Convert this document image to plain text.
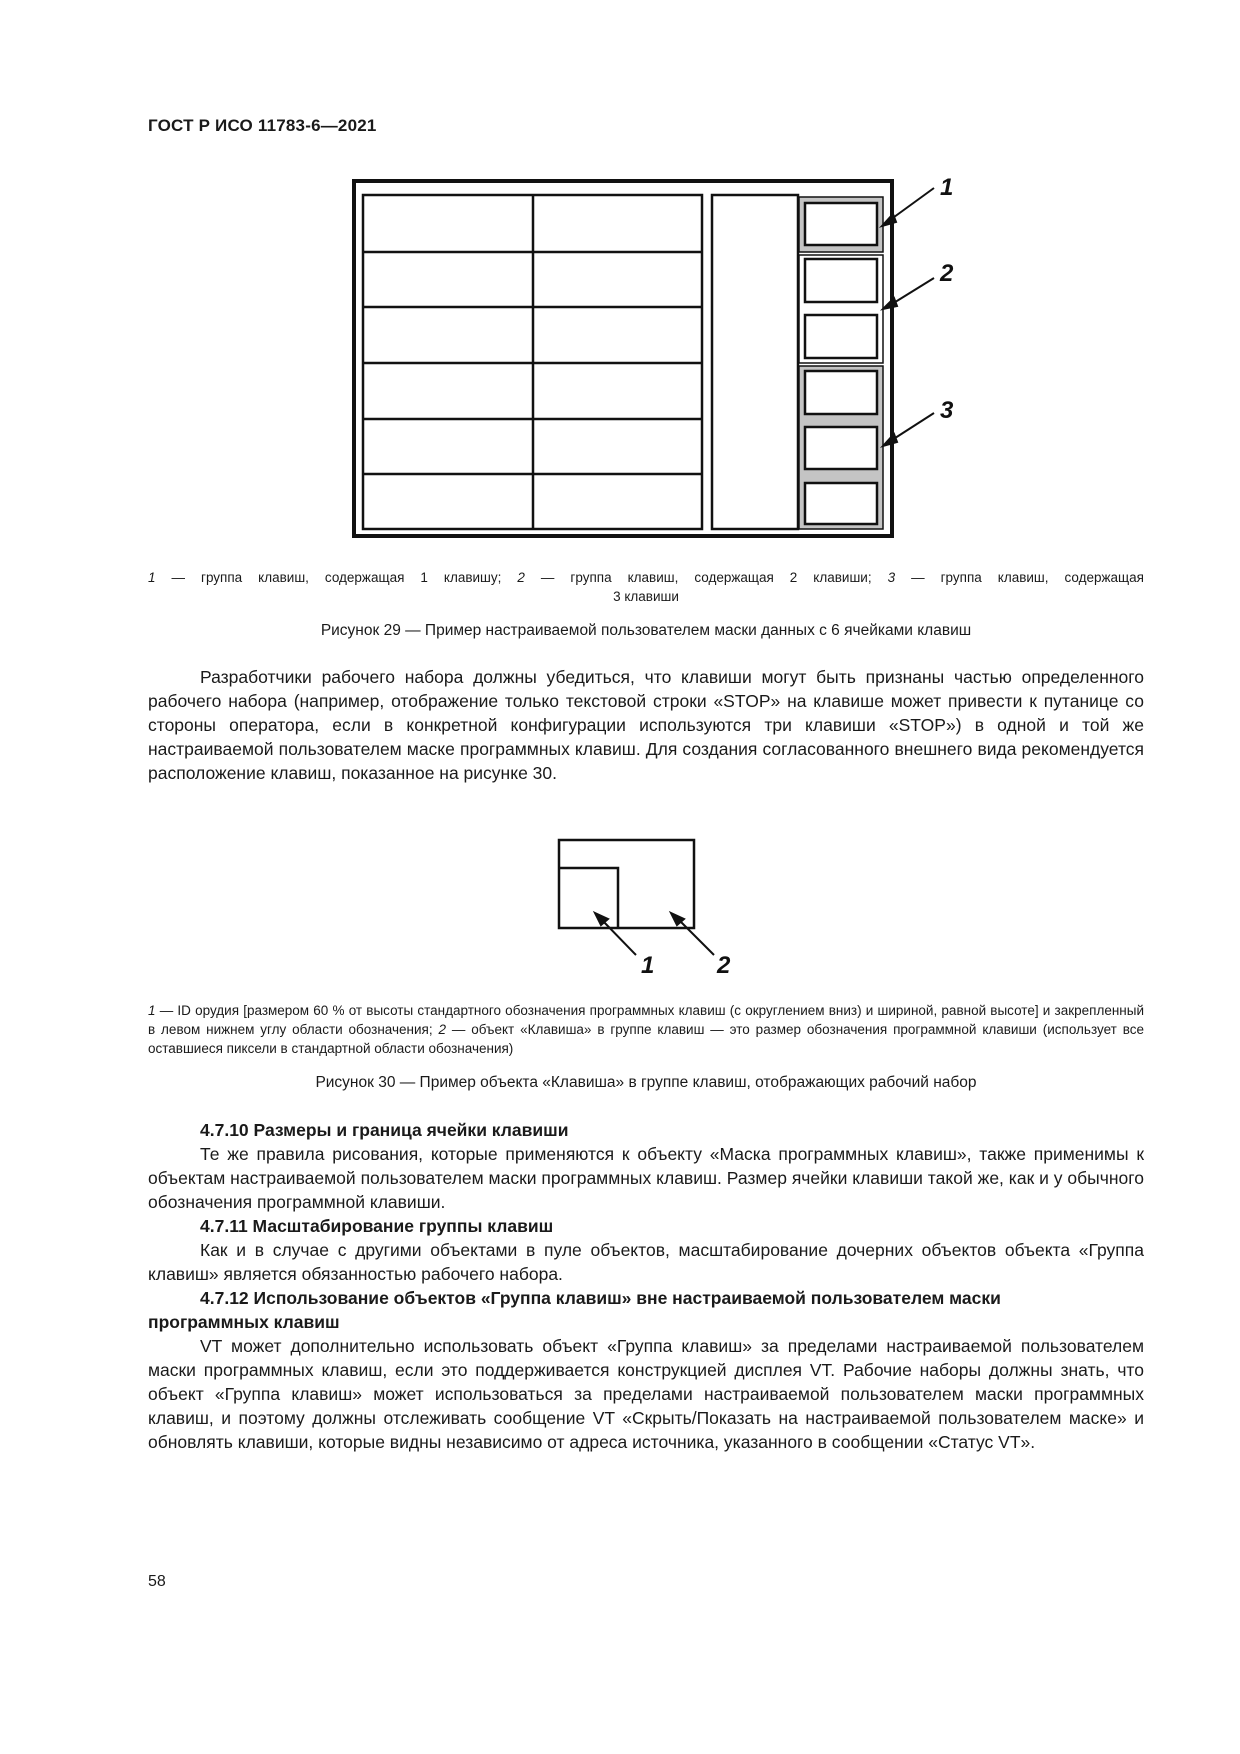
ГОСТ Р ИСО 11783-6—2021
1
2
3
1 — группа клавиш, содержащая 1 клавишу; 2 — группа клавиш, содержащая 2 клавиши; 3 — группа клавиш, содержащая
3 клавиши
Рисунок 29 — Пример настраиваемой пользователем маски данных с 6 ячейками клавиш

Разработчики рабочего набора должны убедиться, что клавиши могут быть признаны частью определенного рабочего набора (например, отображение только текстовой строки «STOP» на клавише может привести к путанице со стороны оператора, если в конкретной конфигурации используются три клавиши «STOP») в одной и той же настраиваемой пользователем маске программных клавиш. Для создания согласованного внешнего вида рекомендуется расположение клавиш, показанное на рисунке 30.

1	2
1 — ID орудия [размером 60 % от высоты стандартного обозначения программных клавиш (с округлением вниз) и шириной, равной высоте] и закрепленный в левом нижнем углу области обозначения; 2 — объект «Клавиша» в группе клавиш — это размер обозначения программной клавиши (использует все оставшиеся пиксели в стандартной области обозначения)
Рисунок 30 — Пример объекта «Клавиша» в группе клавиш, отображающих рабочий набор
4.7.10 Размеры и граница ячейки клавиши

Те же правила рисования, которые применяются к объекту «Маска программных клавиш», также применимы к объектам настраиваемой пользователем маски программных клавиш. Размер ячейки клавиши такой же, как и у обычного обозначения программной клавиши.

4.7.11 Масштабирование группы клавиш

Как и в случае с другими объектами в пуле объектов, масштабирование дочерних объектов объекта «Группа клавиш» является обязанностью рабочего набора.

4.7.12 Использование объектов «Группа клавиш» вне настраиваемой пользователем маски
программных клавиш

VT может дополнительно использовать объект «Группа клавиш» за пределами настраиваемой пользователем маски программных клавиш, если это поддерживается конструкцией дисплея VT. Рабочие наборы должны знать, что объект «Группа клавиш» может использоваться за пределами настраиваемой пользователем маски программных клавиш, и поэтому должны отслеживать сообщение VT «Скрыть/Показать на настраиваемой пользователем маске» и обновлять клавиши, которые видны независимо от адреса источника, указанного в сообщении «Статус VT».

58
